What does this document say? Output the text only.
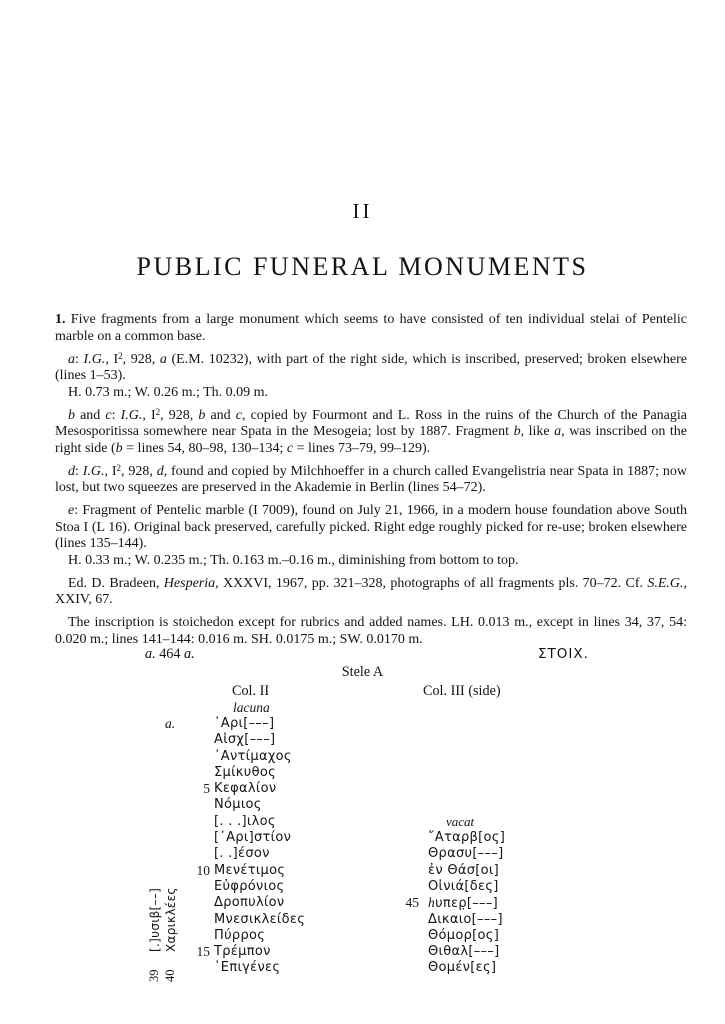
II
PUBLIC FUNERAL MONUMENTS

1. Five fragments from a large monument which seems to have consisted of ten individual stelai of Pentelic marble on a common base.

a: I.G., $I^2$, 928, a (E.M. 10232), with part of the right side, which is inscribed, preserved; broken elsewhere (lines 1–53).

H. 0.73 m.; W. 0.26 m.; Th. 0.09 m.

b and c: I.G., $I^2$, 928, b and c, copied by Fourmont and L. Ross in the ruins of the Church of the Panagia Mesosporitissa somewhere near Spata in the Mesogeia; lost by 1887. Fragment b, like a, was inscribed on the right side (b = lines 54, 80–98, 130–134; c = lines 73–79, 99–129).

d: I.G., $I^2$, 928, d, found and copied by Milchhoeffer in a church called Evangelistria near Spata in 1887; now lost, but two squeezes are preserved in the Akademie in Berlin (lines 54–72).

e: Fragment of Pentelic marble (I 7009), found on July 21, 1966, in a modern house foundation above South Stoa I (L 16). Original back preserved, carefully picked. Right edge roughly picked for re-use; broken elsewhere (lines 135–144).

H. 0.33 m.; W. 0.235 m.; Th. 0.163 m.–0.16 m., diminishing from bottom to top.

Ed. D. Bradeen, Hesperia, XXXVI, 1967, pp. 321–328, photographs of all fragments pls. 70–72. Cf. S.E.G., XXIV, 67.

The inscription is stoichedon except for rubrics and added names. LH. 0.013 m., except in lines 34, 37, 54: 0.020 m.; lines 141–144: 0.016 m. SH. 0.0175 m.; SW. 0.0170 m.

a. 464 a.	ΣΤΟΙΧ.
Stele A
Col. II	Col. III (side)
lacuna
a.	᾿Αρι[–––]
Αἰσχ[–––]
᾿Αντίμαχος
Σμίκυθος
5 Κεφαλίον
Νόμιος
[. . .]ιλος	vacat
[᾿Αρι]στίον	῎Αταρβ[ος]
[. .]έσον	Θρασυ[–––]
10 Μενέτιμος	ἐν Θάσ[οι]
Εὐφρόνιος	Οἰνιά[δες]
Δροπυλίον	45 hυπερ̣[–––]
Μνεσικλείδες	Δικαιο[–––]
Πύρρος	Θόμορ[ος]
15 Τρέμπον	Θιθαλ[–––]
᾿Επιγένες	Θομέν[ες]
39
[.]υσιβ[––]
40
Χαρικλέες
